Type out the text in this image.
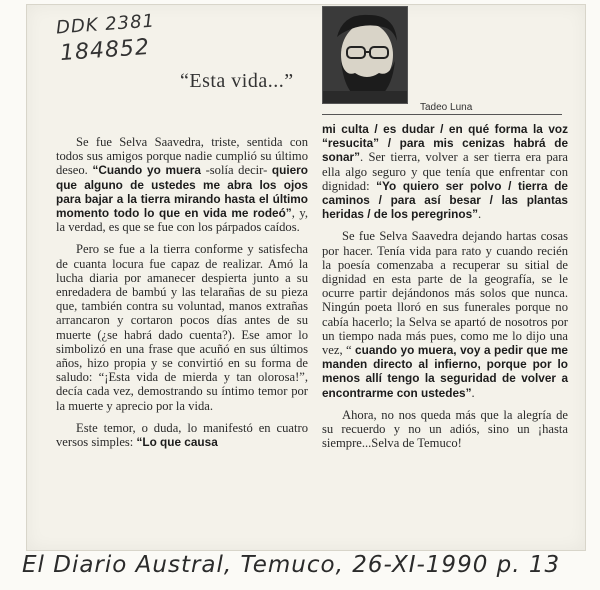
DDK 2381
184852
“Esta vida...”
Tadeo Luna

Se fue Selva Saavedra, triste, sentida con todos sus amigos porque nadie cumplió su último deseo. “Cuando yo muera -solía decir- quiero que alguno de ustedes me abra los ojos para bajar a la tierra mirando hasta el último momento todo lo que en vida me rodeó”, y, la verdad, es que se fue con los párpados caídos.

Pero se fue a la tierra conforme y satisfecha de cuanta locura fue capaz de realizar. Amó la lucha diaria por amanecer despierta junto a su enredadera de bambú y las telarañas de su pieza que, también contra su voluntad, manos extrañas arrancaron y cortaron pocos días antes de su muerte (¿se habrá dado cuenta?). Ese amor lo simbolizó en una frase que acuñó en sus últimos años, hizo propia y se convirtió en su forma de saludo: “¡Esta vida de mierda y tan olorosa!”, decía cada vez, demostrando su íntimo temor por la muerte y aprecio por la vida.

Este temor, o duda, lo manifestó en cuatro versos simples: “Lo que causa

mi culta / es dudar / en qué forma la voz “resucita” / para mis cenizas habrá de sonar”. Ser tierra, volver a ser tierra era para ella algo seguro y que tenía que enfrentar con dignidad: “Yo quiero ser polvo / tierra de caminos / para así besar / las plantas heridas / de los peregrinos”.

Se fue Selva Saavedra dejando hartas cosas por hacer. Tenía vida para rato y cuando recién la poesía comenzaba a recuperar su sitial de dignidad en esta parte de la geografía, se le ocurre partir dejándonos más solos que nunca. Ningún poeta lloró en sus funerales porque no cabía hacerlo; la Selva se apartó de nosotros por un tiempo nada más pues, como me lo dijo una vez, “ cuando yo muera, voy a pedir que me manden directo al infierno, porque por lo menos allí tengo la seguridad de volver a encontrarme con ustedes”.

Ahora, no nos queda más que la alegría de su recuerdo y no un adiós, sino un ¡hasta siempre...Selva de Temuco!

El Diario Austral, Temuco, 26-XI-1990 p. 13
